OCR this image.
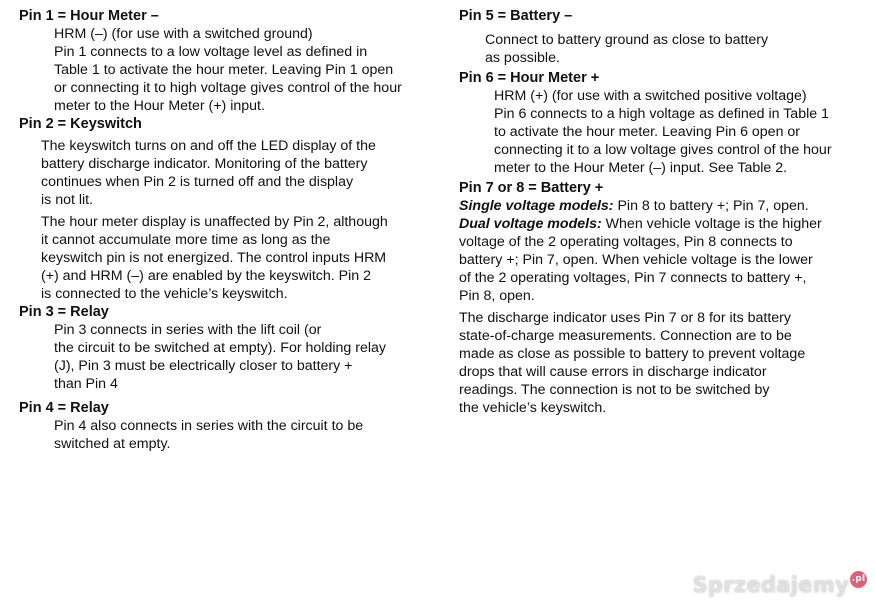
Pin 1 = Hour Meter –
HRM (–) (for use with a switched ground)
Pin 1 connects to a low voltage level as defined in
Table 1 to activate the hour meter. Leaving Pin 1 open
or connecting it to high voltage gives control of the hour
meter to the Hour Meter (+) input.
Pin 2 = Keyswitch
The keyswitch turns on and off the LED display of the
battery discharge indicator. Monitoring of the battery
continues when Pin 2 is turned off and the display
is not lit.
The hour meter display is unaffected by Pin 2, although
it cannot accumulate more time as long as the
keyswitch pin is not energized. The control inputs HRM
(+) and HRM (–) are enabled by the keyswitch. Pin 2
is connected to the vehicle’s keyswitch.
Pin 3 = Relay
Pin 3 connects in series with the lift coil (or
the circuit to be switched at empty). For holding relay
(J), Pin 3 must be electrically closer to battery +
than Pin 4
Pin 4 = Relay
Pin 4 also connects in series with the circuit to be
switched at empty.
Pin 5 = Battery –
Connect to battery ground as close to battery
as possible.
Pin 6 = Hour Meter +
HRM (+) (for use with a switched positive voltage)
Pin 6 connects to a high voltage as defined in Table 1
to activate the hour meter. Leaving Pin 6 open or
connecting it to a low voltage gives control of the hour
meter to the Hour Meter (–) input. See Table 2.
Pin 7 or 8 = Battery +
Single voltage models: Pin 8 to battery +; Pin 7, open.
Dual voltage models: When vehicle voltage is the higher
voltage of the 2 operating voltages, Pin 8 connects to
battery +; Pin 7, open. When vehicle voltage is the lower
of the 2 operating voltages, Pin 7 connects to battery +,
Pin 8, open.
The discharge indicator uses Pin 7 or 8 for its battery
state-of-charge measurements. Connection are to be
made as close as possible to battery to prevent voltage
drops that will cause errors in discharge indicator
readings. The connection is not to be switched by
the vehicle’s keyswitch.
Sprzedajemy .pl
